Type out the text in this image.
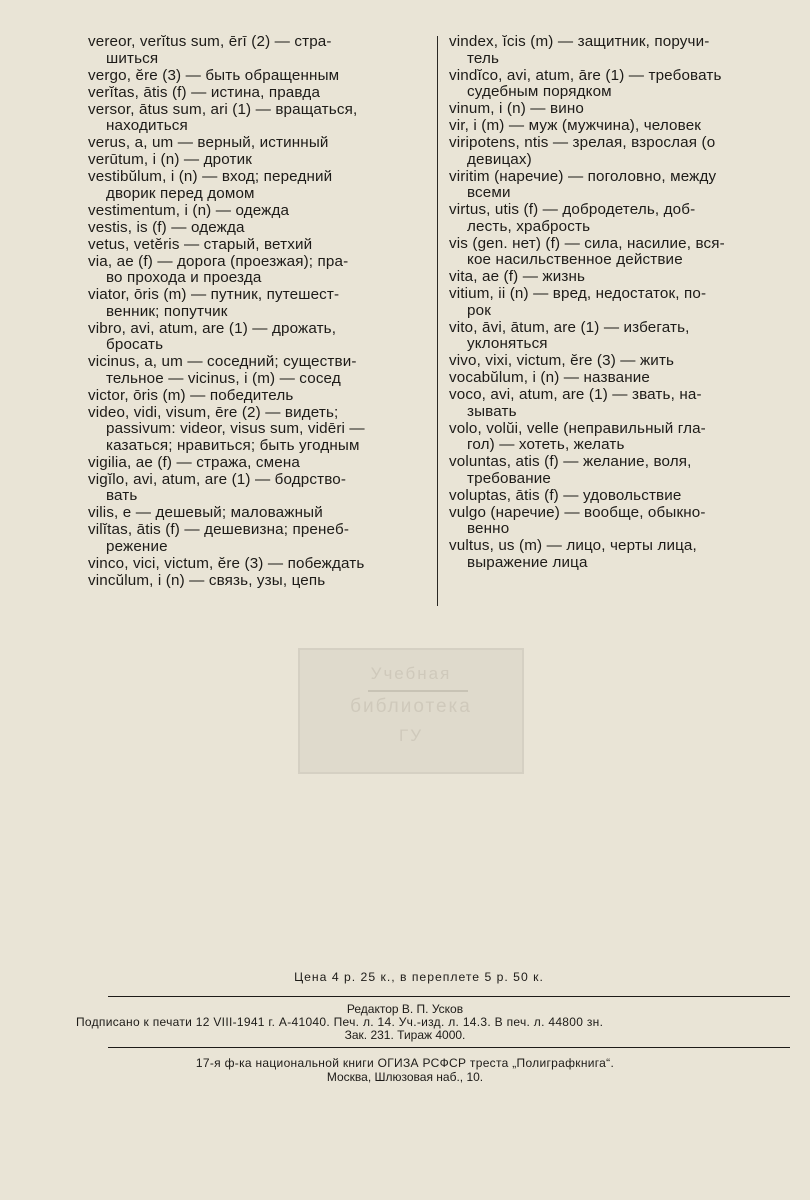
vereor, verĭtus sum, ērī (2) — стра-
шиться
vergo, ĕre (3) — быть обращенным
verĭtas, ātis (f) — истина, правда
versor, ātus sum, ari (1) — вращаться,
находиться
verus, a, um — верный, истинный
verūtum, i (n) — дротик
vestibŭlum, i (n) — вход; передний
дворик перед домом
vestimentum, i (n) — одежда
vestis, is (f) — одежда
vetus, vetĕris — старый, ветхий
via, ae (f) — дорога (проезжая); пра-
во прохода и проезда
viator, ōris (m) — путник, путешест-
венник; попутчик
vibro, avi, atum, are (1) — дрожать,
бросать
vicinus, a, um — соседний; существи-
тельное — vicinus, i (m) — сосед
victor, ōris (m) — победитель
video, vidi, visum, ēre (2) — видеть;
passivum: videor, visus sum, vidēri —
казаться; нравиться; быть угодным
vigilia, ae (f) — стража, смена
vigĭlo, avi, atum, are (1) — бодрство-
вать
vilis, e — дешевый; маловажный
vilĭtas, ātis (f) — дешевизна; пренеб-
режение
vinco, vici, victum, ĕre (3) — побеждать
vincŭlum, i (n) — связь, узы, цепь
vindex, ĭcis (m) — защитник, поручи-
тель
vindĭco, avi, atum, āre (1) — требовать
судебным порядком
vinum, i (n) — вино
vir, i (m) — муж (мужчина), человек
viripotens, ntis — зрелая, взрослая (о
девицах)
viritim (наречие) — поголовно, между
всеми
virtus, utis (f) — добродетель, доб-
лесть, храбрость
vis (gen. нет) (f) — сила, насилие, вся-
кое насильственное действие
vita, ae (f) — жизнь
vitium, ii (n) — вред, недостаток, по-
рок
vito, āvi, ātum, are (1) — избегать,
уклоняться
vivo, vixi, victum, ĕre (3) — жить
vocabŭlum, i (n) — название
voco, avi, atum, are (1) — звать, на-
зывать
volo, volŭi, velle (неправильный гла-
гол) — хотеть, желать
voluntas, atis (f) — желание, воля,
требование
voluptas, ātis (f) — удовольствие
vulgo (наречие) — вообще, обыкно-
венно
vultus, us (m) — лицо, черты лица,
выражение лица
Учебная
библиотека
ГУ
Цена 4 р. 25 к., в переплете 5 р. 50 к.
Редактор В. П. Усков
Подписано к печати 12 VIII-1941 г. А-41040. Печ. л. 14. Уч.-изд. л. 14.3. В печ. л. 44800 зн.
Зак. 231. Тираж 4000.
17-я ф-ка национальной книги ОГИЗА РСФСР треста „Полиграфкнига“.
Москва, Шлюзовая наб., 10.
